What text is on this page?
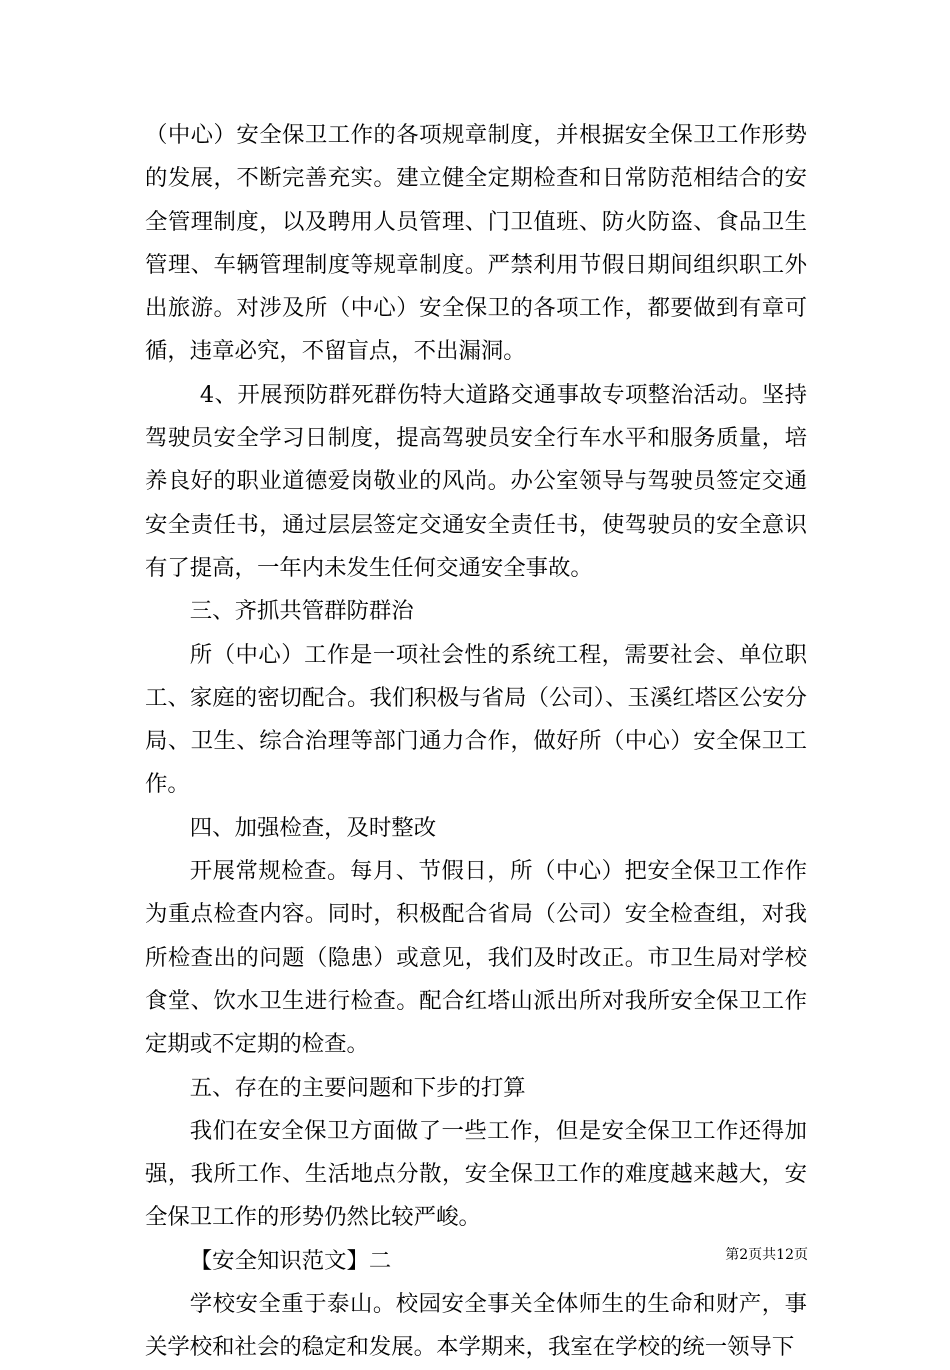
（中心）安全保卫工作的各项规章制度，并根据安全保卫工作形势的发展，不断完善充实。建立健全定期检查和日常防范相结合的安全管理制度，以及聘用人员管理、门卫值班、防火防盗、食品卫生管理、车辆管理制度等规章制度。严禁利用节假日期间组织职工外出旅游。对涉及所（中心）安全保卫的各项工作，都要做到有章可循，违章必究，不留盲点，不出漏洞。

4、开展预防群死群伤特大道路交通事故专项整治活动。坚持驾驶员安全学习日制度，提高驾驶员安全行车水平和服务质量，培养良好的职业道德爱岗敬业的风尚。办公室领导与驾驶员签定交通安全责任书，通过层层签定交通安全责任书，使驾驶员的安全意识有了提高，一年内未发生任何交通安全事故。

三、齐抓共管群防群治

所（中心）工作是一项社会性的系统工程，需要社会、单位职工、家庭的密切配合。我们积极与省局（公司）、玉溪红塔区公安分局、卫生、综合治理等部门通力合作，做好所（中心）安全保卫工作。

四、加强检查，及时整改

开展常规检查。每月、节假日，所（中心）把安全保卫工作作为重点检查内容。同时，积极配合省局（公司）安全检查组，对我所检查出的问题（隐患）或意见，我们及时改正。市卫生局对学校食堂、饮水卫生进行检查。配合红塔山派出所对我所安全保卫工作定期或不定期的检查。

五、存在的主要问题和下步的打算

我们在安全保卫方面做了一些工作，但是安全保卫工作还得加强，我所工作、生活地点分散，安全保卫工作的难度越来越大，安全保卫工作的形势仍然比较严峻。

【安全知识范文】二

学校安全重于泰山。校园安全事关全体师生的生命和财产，事关学校和社会的稳定和发展。本学期来，我室在学校的统一领导下

第2页共12页
